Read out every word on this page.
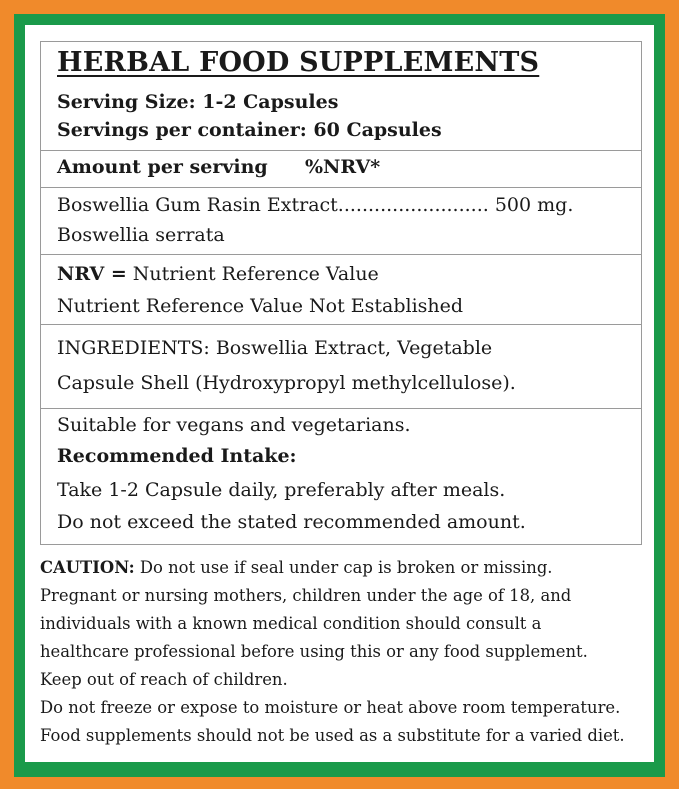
HERBAL FOOD SUPPLEMENTS
Serving Size: 1-2 Capsules
Servings per container: 60 Capsules
Amount per serving %NRV*
Boswellia Gum Rasin Extract......................... 500 mg.
Boswellia serrata
NRV = Nutrient Reference Value
Nutrient Reference Value Not Established
INGREDIENTS: Boswellia Extract, Vegetable
Capsule Shell (Hydroxypropyl methylcellulose).
Suitable for vegans and vegetarians.
Recommended Intake:
Take 1-2 Capsule daily, preferably after meals.
Do not exceed the stated recommended amount.
CAUTION: Do not use if seal under cap is broken or missing.
Pregnant or nursing mothers, children under the age of 18, and
individuals with a known medical condition should consult a
healthcare professional before using this or any food supplement.
Keep out of reach of children.
Do not freeze or expose to moisture or heat above room temperature.
Food supplements should not be used as a substitute for a varied diet.
